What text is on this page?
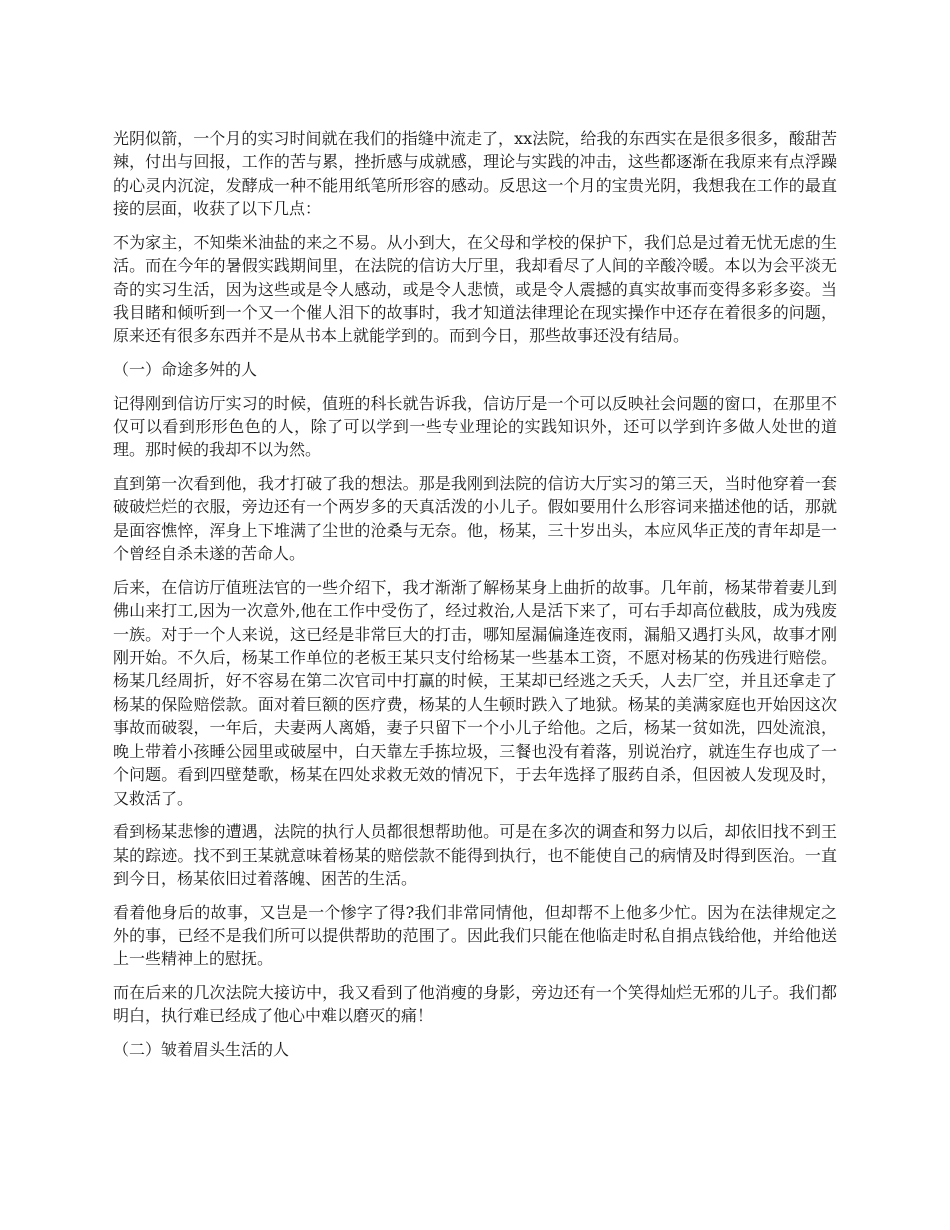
光阴似箭，一个月的实习时间就在我们的指缝中流走了，xx法院，给我的东西实在是很多很多，酸甜苦辣，付出与回报，工作的苦与累，挫折感与成就感，理论与实践的冲击，这些都逐渐在我原来有点浮躁的心灵内沉淀，发酵成一种不能用纸笔所形容的感动。反思这一个月的宝贵光阴，我想我在工作的最直接的层面，收获了以下几点：

不为家主，不知柴米油盐的来之不易。从小到大，在父母和学校的保护下，我们总是过着无忧无虑的生活。而在今年的暑假实践期间里，在法院的信访大厅里，我却看尽了人间的辛酸冷暖。本以为会平淡无奇的实习生活，因为这些或是令人感动，或是令人悲愤，或是令人震撼的真实故事而变得多彩多姿。当我目睹和倾听到一个又一个催人泪下的故事时，我才知道法律理论在现实操作中还存在着很多的问题，原来还有很多东西并不是从书本上就能学到的。而到今日，那些故事还没有结局。

（一）命途多舛的人

记得刚到信访厅实习的时候，值班的科长就告诉我，信访厅是一个可以反映社会问题的窗口，在那里不仅可以看到形形色色的人，除了可以学到一些专业理论的实践知识外，还可以学到许多做人处世的道理。那时候的我却不以为然。

直到第一次看到他，我才打破了我的想法。那是我刚到法院的信访大厅实习的第三天，当时他穿着一套破破烂烂的衣服，旁边还有一个两岁多的天真活泼的小儿子。假如要用什么形容词来描述他的话，那就是面容憔悴，浑身上下堆满了尘世的沧桑与无奈。他，杨某，三十岁出头，本应风华正茂的青年却是一个曾经自杀未遂的苦命人。

后来，在信访厅值班法官的一些介绍下，我才渐渐了解杨某身上曲折的故事。几年前，杨某带着妻儿到佛山来打工,因为一次意外,他在工作中受伤了，经过救治,人是活下来了，可右手却高位截肢，成为残废一族。对于一个人来说，这已经是非常巨大的打击，哪知屋漏偏逢连夜雨，漏船又遇打头风，故事才刚刚开始。不久后，杨某工作单位的老板王某只支付给杨某一些基本工资，不愿对杨某的伤残进行赔偿。杨某几经周折，好不容易在第二次官司中打赢的时候，王某却已经逃之夭夭，人去厂空，并且还拿走了杨某的保险赔偿款。面对着巨额的医疗费，杨某的人生顿时跌入了地狱。杨某的美满家庭也开始因这次事故而破裂，一年后，夫妻两人离婚，妻子只留下一个小儿子给他。之后，杨某一贫如洗，四处流浪，晚上带着小孩睡公园里或破屋中，白天靠左手拣垃圾，三餐也没有着落，别说治疗，就连生存也成了一个问题。看到四壁楚歌，杨某在四处求救无效的情况下，于去年选择了服药自杀，但因被人发现及时，又救活了。

看到杨某悲惨的遭遇，法院的执行人员都很想帮助他。可是在多次的调查和努力以后，却依旧找不到王某的踪迹。找不到王某就意味着杨某的赔偿款不能得到执行，也不能使自己的病情及时得到医治。一直到今日，杨某依旧过着落魄、困苦的生活。

看着他身后的故事，又岂是一个惨字了得?我们非常同情他，但却帮不上他多少忙。因为在法律规定之外的事，已经不是我们所可以提供帮助的范围了。因此我们只能在他临走时私自捐点钱给他，并给他送上一些精神上的慰抚。

而在后来的几次法院大接访中，我又看到了他消瘦的身影，旁边还有一个笑得灿烂无邪的儿子。我们都明白，执行难已经成了他心中难以磨灭的痛！

（二）皱着眉头生活的人
